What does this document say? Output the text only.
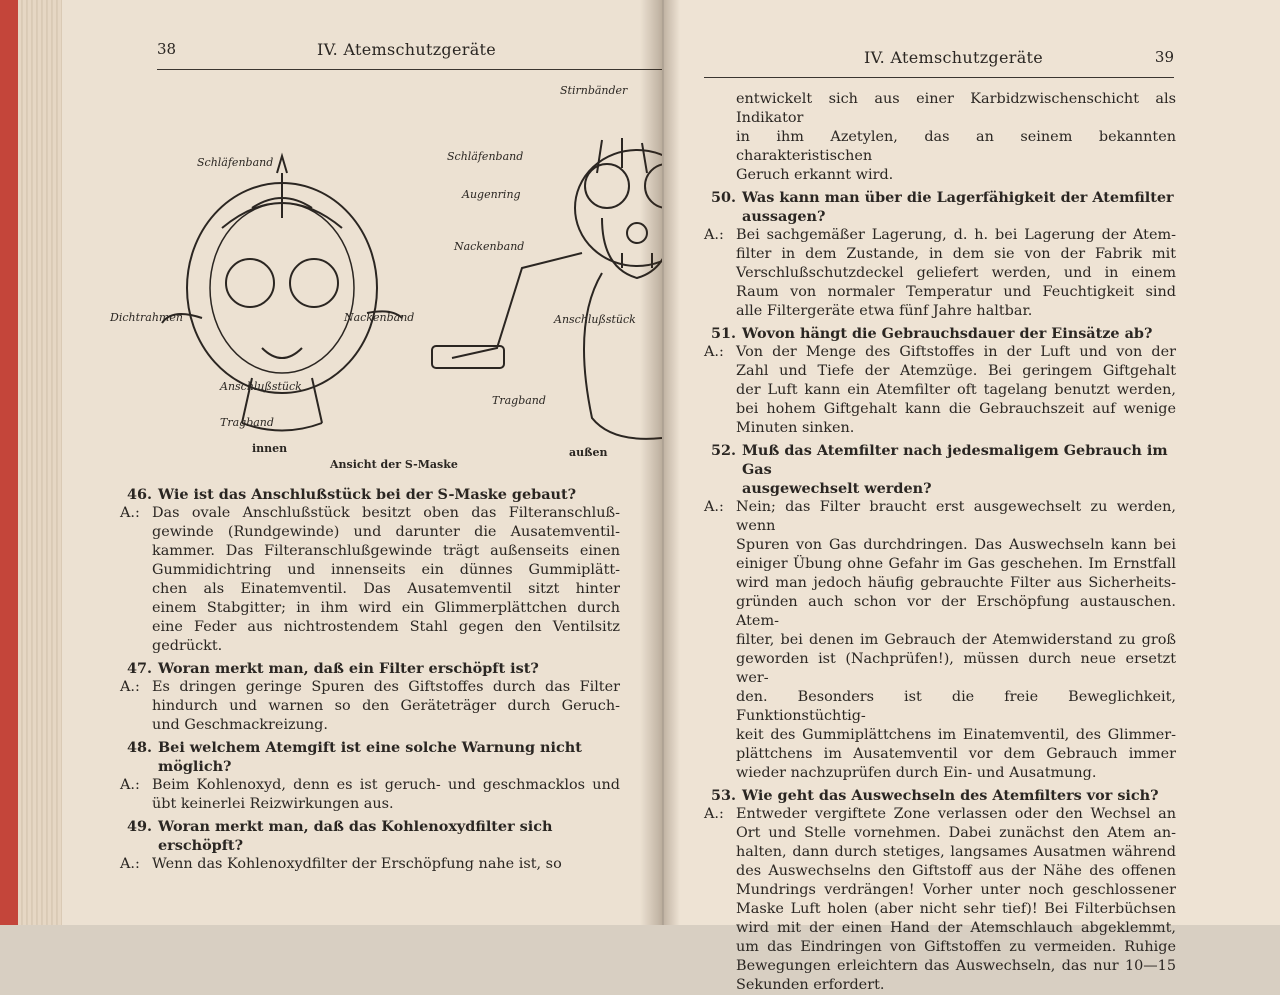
38	IV. Atemschutzgeräte
Schläfenband
Dichtrahmen	Nackenband
Anschlußstück
Tragband
Stirnbänder
Schläfenband
Augenring
Nackenband
Anschlußstück
Tragband
innen
Ansicht der S-Maske
außen
46. Wie ist das Anschlußstück bei der S-Maske gebaut?
A.: Das ovale Anschlußstück besitzt oben das Filteranschluß-
gewinde (Rundgewinde) und darunter die Ausatemventil-
kammer. Das Filteranschlußgewinde trägt außenseits einen
Gummidichtring und innenseits ein dünnes Gummiplätt-
chen als Einatemventil. Das Ausatemventil sitzt hinter
einem Stabgitter; in ihm wird ein Glimmerplättchen durch
eine Feder aus nichtrostendem Stahl gegen den Ventilsitz
gedrückt.
47. Woran merkt man, daß ein Filter erschöpft ist?
A.: Es dringen geringe Spuren des Giftstoffes durch das Filter
hindurch und warnen so den Geräteträger durch Geruch-
und Geschmackreizung.
48. Bei welchem Atemgift ist eine solche Warnung nicht möglich?
A.: Beim Kohlenoxyd, denn es ist geruch- und geschmacklos und
übt keinerlei Reizwirkungen aus.
49. Woran merkt man, daß das Kohlenoxydfilter sich erschöpft?
A.: Wenn das Kohlenoxydfilter der Erschöpfung nahe ist, so
IV. Atemschutzgeräte	39
entwickelt sich aus einer Karbidzwischenschicht als Indikator
in ihm Azetylen, das an seinem bekannten charakteristischen
Geruch erkannt wird.
50. Was kann man über die Lagerfähigkeit der Atemfilter
aussagen?
A.: Bei sachgemäßer Lagerung, d. h. bei Lagerung der Atem-
filter in dem Zustande, in dem sie von der Fabrik mit
Verschlußschutzdeckel geliefert werden, und in einem
Raum von normaler Temperatur und Feuchtigkeit sind
alle Filtergeräte etwa fünf Jahre haltbar.
51. Wovon hängt die Gebrauchsdauer der Einsätze ab?
A.: Von der Menge des Giftstoffes in der Luft und von der
Zahl und Tiefe der Atemzüge. Bei geringem Giftgehalt
der Luft kann ein Atemfilter oft tagelang benutzt werden,
bei hohem Giftgehalt kann die Gebrauchszeit auf wenige
Minuten sinken.
52. Muß das Atemfilter nach jedesmaligem Gebrauch im Gas
ausgewechselt werden?
A.: Nein; das Filter braucht erst ausgewechselt zu werden, wenn
Spuren von Gas durchdringen. Das Auswechseln kann bei
einiger Übung ohne Gefahr im Gas geschehen. Im Ernstfall
wird man jedoch häufig gebrauchte Filter aus Sicherheits-
gründen auch schon vor der Erschöpfung austauschen. Atem-
filter, bei denen im Gebrauch der Atemwiderstand zu groß
geworden ist (Nachprüfen!), müssen durch neue ersetzt wer-
den. Besonders ist die freie Beweglichkeit, Funktionstüchtig-
keit des Gummiplättchens im Einatemventil, des Glimmer-
plättchens im Ausatemventil vor dem Gebrauch immer
wieder nachzuprüfen durch Ein- und Ausatmung.
53. Wie geht das Auswechseln des Atemfilters vor sich?
A.: Entweder vergiftete Zone verlassen oder den Wechsel an
Ort und Stelle vornehmen. Dabei zunächst den Atem an-
halten, dann durch stetiges, langsames Ausatmen während
des Auswechselns den Giftstoff aus der Nähe des offenen
Mundrings verdrängen! Vorher unter noch geschlossener
Maske Luft holen (aber nicht sehr tief)! Bei Filterbüchsen
wird mit der einen Hand der Atemschlauch abgeklemmt,
um das Eindringen von Giftstoffen zu vermeiden. Ruhige
Bewegungen erleichtern das Auswechseln, das nur 10—15
Sekunden erfordert.
